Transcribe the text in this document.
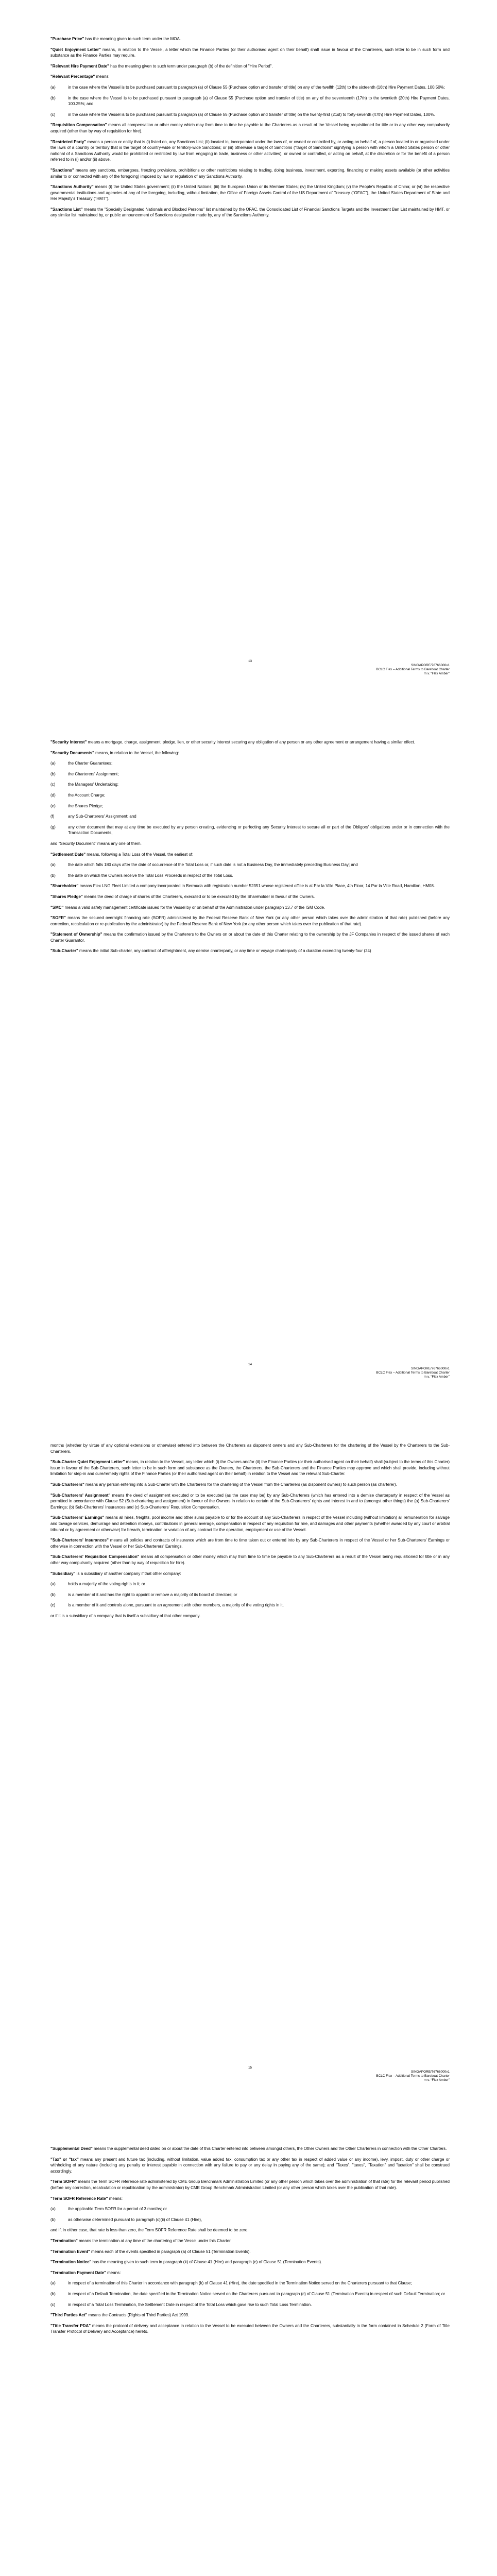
"Purchase Price" has the meaning given to such term under the MOA.

"Quiet Enjoyment Letter" means, in relation to the Vessel, a letter which the Finance Parties (or their authorised agent on their behalf) shall issue in favour of the Charterers, such letter to be in such form and substance as the Finance Parties may require.

"Relevant Hire Payment Date" has the meaning given to such term under paragraph (b) of the definition of "Hire Period".

"Relevant Percentage" means:

(a)	in the case where the Vessel is to be purchased pursuant to paragraph (a) of Clause 55 (Purchase option and transfer of title) on any of the twelfth (12th) to the sixteenth (16th) Hire Payment Dates, 100.50%;
(b)	in the case where the Vessel is to be purchased pursuant to paragraph (a) of Clause 55 (Purchase option and transfer of title) on any of the seventeenth (17th) to the twentieth (20th) Hire Payment Dates, 100.25%; and
(c)	in the case where the Vessel is to be purchased pursuant to paragraph (a) of Clause 55 (Purchase option and transfer of title) on the twenty-first (21st) to forty-seventh (47th) Hire Payment Dates, 100%.

"Requisition Compensation" means all compensation or other money which may from time to time be payable to the Charterers as a result of the Vessel being requisitioned for title or in any other way compulsorily acquired (other than by way of requisition for hire).

"Restricted Party" means a person or entity that is (i) listed on, any Sanctions List; (ii) located in, incorporated under the laws of, or owned or controlled by, or acting on behalf of, a person located in or organised under the laws of a country or territory that is the target of country-wide or territory-wide Sanctions; or (iii) otherwise a target of Sanctions ("target of Sanctions" signifying a person with whom a United States person or other national of a Sanctions Authority would be prohibited or restricted by law from engaging in trade, business or other activities), or owned or controlled, or acting on behalf, at the discretion or for the benefit of a person referred to in (i) and/or (ii) above.

"Sanctions" means any sanctions, embargoes, freezing provisions, prohibitions or other restrictions relating to trading, doing business, investment, exporting, financing or making assets available (or other activities similar to or connected with any of the foregoing) imposed by law or regulation of any Sanctions Authority.

"Sanctions Authority" means (i) the United States government; (ii) the United Nations; (iii) the European Union or its Member States; (iv) the United Kingdom; (v) the People's Republic of China; or (vi) the respective governmental institutions and agencies of any of the foregoing, including, without limitation, the Office of Foreign Assets Control of the US Department of Treasury ("OFAC"), the United States Department of State and Her Majesty's Treasury ("HMT").

"Sanctions List" means the "Specially Designated Nationals and Blocked Persons" list maintained by the OFAC, the Consolidated List of Financial Sanctions Targets and the Investment Ban List maintained by HMT, or any similar list maintained by, or public announcement of Sanctions designation made by, any of the Sanctions Authority.

13
SINGAPORE/76766000v1
BCLC Flex – Additional Terms to Bareboat Charter
m.v. “Flex Amber”

"Security Interest" means a mortgage, charge, assignment, pledge, lien, or other security interest securing any obligation of any person or any other agreement or arrangement having a similar effect.

"Security Documents" means, in relation to the Vessel, the following:

(a)	the Charter Guarantees;
(b)	the Charterers' Assignment;
(c)	the Managers' Undertaking;
(d)	the Account Charge;
(e)	the Shares Pledge;
(f)	any Sub-Charterers' Assignment; and
(g)	any other document that may at any time be executed by any person creating, evidencing or perfecting any Security Interest to secure all or part of the Obligors' obligations under or in connection with the Transaction Documents,

and "Security Document" means any one of them.

"Settlement Date" means, following a Total Loss of the Vessel, the earliest of:

(a)	the date which falls 180 days after the date of occurrence of the Total Loss or, if such date is not a Business Day, the immediately preceding Business Day; and
(b)	the date on which the Owners receive the Total Loss Proceeds in respect of the Total Loss.

"Shareholder" means Flex LNG Fleet Limited a company incorporated in Bermuda with registration number 52351 whose registered office is at Par la Ville Place, 4th Floor, 14 Par la Ville Road, Hamilton, HM08.

"Shares Pledge" means the deed of charge of shares of the Charterers, executed or to be executed by the Shareholder in favour of the Owners.

"SMC" means a valid safety management certificate issued for the Vessel by or on behalf of the Administration under paragraph 13.7 of the ISM Code.

"SOFR" means the secured overnight financing rate (SOFR) administered by the Federal Reserve Bank of New York (or any other person which takes over the administration of that rate) published (before any correction, recalculation or re-publication by the administrator) by the Federal Reserve Bank of New York (or any other person which takes over the publication of that rate).

"Statement of Ownership" means the confirmation issued by the Charterers to the Owners on or about the date of this Charter relating to the ownership by the JF Companies in respect of the issued shares of each Charter Guarantor.

"Sub-Charter" means the initial Sub-charter, any contract of affreightment, any demise charterparty, or any time or voyage charterparty of a duration exceeding twenty-four (24)

14
SINGAPORE/76766000v1
BCLC Flex – Additional Terms to Bareboat Charter
m.v. “Flex Amber”

months (whether by virtue of any optional extensions or otherwise) entered into between the Charterers as disponent owners and any Sub-Charterers for the chartering of the Vessel by the Charterers to the Sub- Charterers.

"Sub-Charter Quiet Enjoyment Letter" means, in relation to the Vessel, any letter which (i) the Owners and/or (ii) the Finance Parties (or their authorised agent on their behalf) shall (subject to the terms of this Charter) issue in favour of the Sub-Charterers, such letter to be in such form and substance as the Owners, the Charterers, the Sub-Charterers and the Finance Parties may approve and which shall provide, including without limitation for step-in and cure/remedy rights of the Finance Parties (or their authorised agent on their behalf) in relation to the Vessel and the relevant Sub-Charter.

"Sub-Charterers" means any person entering into a Sub-Charter with the Charterers for the chartering of the Vessel from the Charterers (as disponent owners) to such person (as charterer).

"Sub-Charterers' Assignment" means the deed of assignment executed or to be executed (as the case may be) by any Sub-Charterers (which has entered into a demise charterparty in respect of the Vessel as permitted in accordance with Clause 52 (Sub-chartering and assignment) in favour of the Owners in relation to certain of the Sub-Charterers' rights and interest in and to (amongst other things) the (a) Sub-Charterers' Earnings; (b) Sub-Charterers' Insurances and (c) Sub-Charterers' Requisition Compensation.

"Sub-Charterers' Earnings" means all hires, freights, pool income and other sums payable to or for the account of any Sub-Charterers in respect of the Vessel including (without limitation) all remuneration for salvage and towage services, demurrage and detention moneys, contributions in general average, compensation in respect of any requisition for hire, and damages and other payments (whether awarded by any court or arbitral tribunal or by agreement or otherwise) for breach, termination or variation of any contract for the operation, employment or use of the Vessel.

"Sub-Charterers' Insurances" means all policies and contracts of insurance which are from time to time taken out or entered into by any Sub-Charterers in respect of the Vessel or her Sub-Charterers' Earnings or otherwise in connection with the Vessel or her Sub-Charterers' Earnings.

"Sub-Charterers' Requisition Compensation" means all compensation or other money which may from time to time be payable to any Sub-Charterers as a result of the Vessel being requisitioned for title or in any other way compulsorily acquired (other than by way of requisition for hire).

"Subsidiary" is a subsidiary of another company if that other company:

(a)	holds a majority of the voting rights in it; or
(b)	is a member of it and has the right to appoint or remove a majority of its board of directors; or
(c)	is a member of it and controls alone, pursuant to an agreement with other members, a majority of the voting rights in it,

or if it is a subsidiary of a company that is itself a subsidiary of that other company.

15
SINGAPORE/76766000v1
BCLC Flex – Additional Terms to Bareboat Charter
m.v. “Flex Amber”

"Supplemental Deed" means the supplemental deed dated on or about the date of this Charter entered into between amongst others, the Other Owners and the Other Charterers in connection with the Other Charters.

"Tax" or "tax" means any present and future tax (including, without limitation, value added tax, consumption tax or any other tax in respect of added value or any income), levy, impost, duty or other charge or withholding of any nature (including any penalty or interest payable in connection with any failure to pay or any delay in paying any of the same); and "Taxes", "taxes", "Taxation" and "taxation" shall be construed accordingly.

"Term SOFR" means the Term SOFR reference rate administered by CME Group Benchmark Administration Limited (or any other person which takes over the administration of that rate) for the relevant period published (before any correction, recalculation or republication by the administrator) by CME Group Benchmark Administration Limited (or any other person which takes over the publication of that rate).

"Term SOFR Reference Rate" means:

(a)	the applicable Term SOFR for a period of 3 months; or
(b)	as otherwise determined pursuant to paragraph (c)(ii) of Clause 41 (Hire),

and if, in either case, that rate is less than zero, the Term SOFR Reference Rate shall be deemed to be zero.

"Termination" means the termination at any time of the chartering of the Vessel under this Charter.

"Termination Event" means each of the events specified in paragraph (a) of Clause 51 (Termination Events).

"Termination Notice" has the meaning given to such term in paragraph (k) of Clause 41 (Hire) and paragraph (c) of Clause 51 (Termination Events).

"Termination Payment Date" means:

(a)	in respect of a termination of this Charter in accordance with paragraph (k) of Clause 41 (Hire), the date specified in the Termination Notice served on the Charterers pursuant to that Clause;
(b)	in respect of a Default Termination, the date specified in the Termination Notice served on the Charterers pursuant to paragraph (c) of Clause 51 (Termination Events) in respect of such Default Termination; or
(c)	in respect of a Total Loss Termination, the Settlement Date in respect of the Total Loss which gave rise to such Total Loss Termination.

"Third Parties Act" means the Contracts (Rights of Third Parties) Act 1999.

"Title Transfer PDA" means the protocol of delivery and acceptance in relation to the Vessel to be executed between the Owners and the Charterers, substantially in the form contained in Schedule 2 (Form of Title Transfer Protocol of Delivery and Acceptance) hereto.
